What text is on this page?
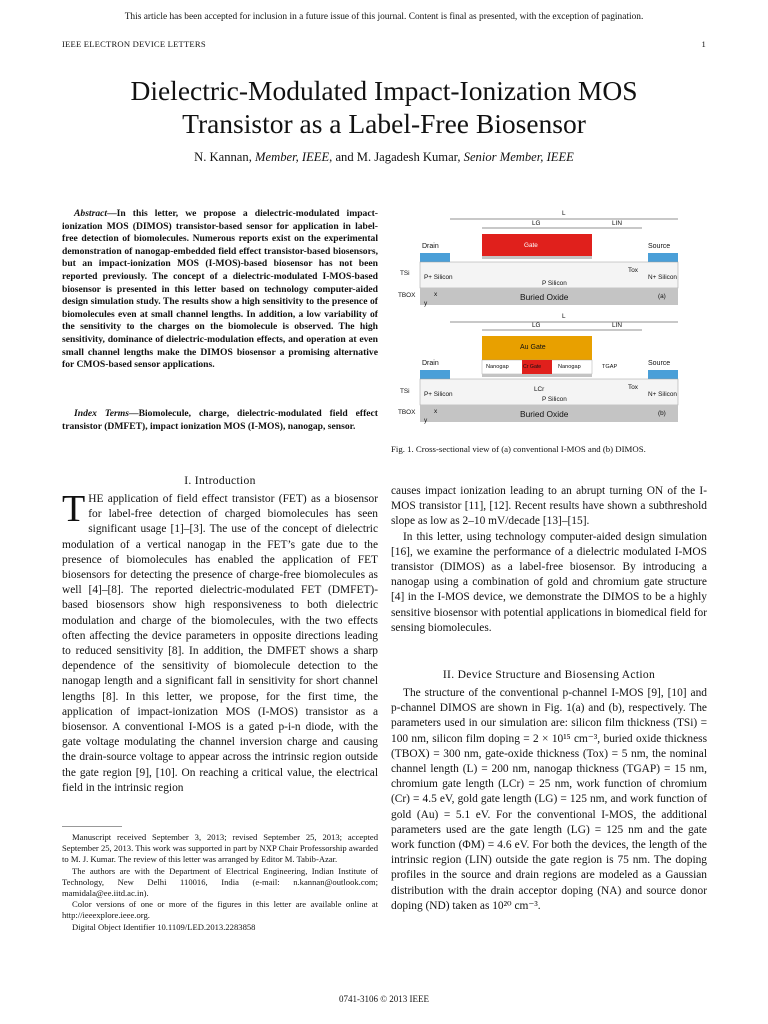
This article has been accepted for inclusion in a future issue of this journal. Content is final as presented, with the exception of pagination.
IEEE ELECTRON DEVICE LETTERS	1
Dielectric-Modulated Impact-Ionization MOS
Transistor as a Label-Free Biosensor
N. Kannan, Member, IEEE, and M. Jagadesh Kumar, Senior Member, IEEE
Abstract—In this letter, we propose a dielectric-modulated impact-ionization MOS (DIMOS) transistor-based sensor for application in label-free detection of biomolecules. Numerous reports exist on the experimental demonstration of nanogap-embedded field effect transistor-based biosensors, but an impact-ionization MOS (I-MOS)-based biosensor has not been reported previously. The concept of a dielectric-modulated I-MOS-based biosensor is presented in this letter based on technology computer-aided design simulation study. The results show a high sensitivity to the presence of biomolecules even at small channel lengths. In addition, a low variability of the sensitivity to the charges on the biomolecule is observed. The high sensitivity, dominance of dielectric-modulation effects, and operation at even small channel lengths make the DIMOS biosensor a promising alternative for CMOS-based sensor applications.
Index Terms—Biomolecule, charge, dielectric-modulated field effect transistor (DMFET), impact ionization MOS (I-MOS), nanogap, sensor.
I. Introduction
THE application of field effect transistor (FET) as a biosensor for label-free detection of charged biomolecules has seen significant usage [1]–[3]. The use of the concept of dielectric modulation of a vertical nanogap in the FET’s gate due to the presence of biomolecules has enabled the application of FET biosensors for detecting the presence of charge-free biomolecules as well [4]–[8]. The reported dielectric-modulated FET (DMFET)-based biosensors show high responsiveness to both dielectric modulation and charge of the biomolecules, with the two effects often affecting the device parameters in opposite directions leading to reduced sensitivity [8]. In addition, the DMFET shows a sharp dependence of the sensitivity of biomolecule detection to the nanogap length and a significant fall in sensitivity for short channel lengths [8]. In this letter, we propose, for the first time, the application of impact-ionization MOS (I-MOS) transistor as a biosensor. A conventional I-MOS is a gated p-i-n diode, with the gate voltage modulating the channel inversion charge and causing the drain-source voltage to appear across the intrinsic region outside the gate region [9], [10]. On reaching a critical value, the electrical field in the intrinsic region

Manuscript received September 3, 2013; revised September 25, 2013; accepted September 25, 2013. This work was supported in part by NXP Chair Professorship awarded to M. J. Kumar. The review of this letter was arranged by Editor M. Tabib-Azar.

The authors are with the Department of Electrical Engineering, Indian Institute of Technology, New Delhi 110016, India (e-mail: n.kannan@outlook.com; mamidala@ee.iitd.ac.in).

Color versions of one or more of the figures in this letter are available online at http://ieeexplore.ieee.org.

Digital Object Identifier 10.1109/LED.2013.2283858

L
LG	LIN
Gate
Drain	Source
TSi
P+ Silicon
P Silicon
Tox
N+ Silicon
TBOX
y
x	Buried Oxide	(a)
L
LG	LIN
Au Gate
Nanogap	Cr Gate	Nanogap	TGAP
Drain	Source
LCr
TSi P+ Silicon
P Silicon
Tox
N+ Silicon
TBOX
y
x	Buried Oxide	(b)
Fig. 1. Cross-sectional view of (a) conventional I-MOS and (b) DIMOS.

causes impact ionization leading to an abrupt turning ON of the I-MOS transistor [11], [12]. Recent results have shown a subthreshold slope as low as 2–10 mV/decade [13]–[15].

In this letter, using technology computer-aided design simulation [16], we examine the performance of a dielectric modulated I-MOS transistor (DIMOS) as a label-free biosensor. By introducing a nanogap using a combination of gold and chromium gate structure [4] in the I-MOS device, we demonstrate the DIMOS to be a highly sensitive biosensor with potential applications in biomedical field for sensing biomolecules.

II. Device Structure and Biosensing Action

The structure of the conventional p-channel I-MOS [9], [10] and p-channel DIMOS are shown in Fig. 1(a) and (b), respectively. The parameters used in our simulation are: silicon film thickness (TSi) = 100 nm, silicon film doping = 2 × 10¹⁵ cm⁻³, buried oxide thickness (TBOX) = 300 nm, gate-oxide thickness (Tox) = 5 nm, the nominal channel length (L) = 200 nm, nanogap thickness (TGAP) = 15 nm, chromium gate length (LCr) = 25 nm, work function of chromium (Cr) = 4.5 eV, gold gate length (LG) = 125 nm, and work function of gold (Au) = 5.1 eV. For the conventional I-MOS, the additional parameters used are the gate length (LG) = 125 nm and the gate work function (ΦM) = 4.6 eV. For both the devices, the length of the intrinsic region (LIN) outside the gate region is 75 nm. The doping profiles in the source and drain regions are modeled as a Gaussian distribution with the drain acceptor doping (NA) and source donor doping (ND) taken as 10²⁰ cm⁻³.

0741-3106 © 2013 IEEE
